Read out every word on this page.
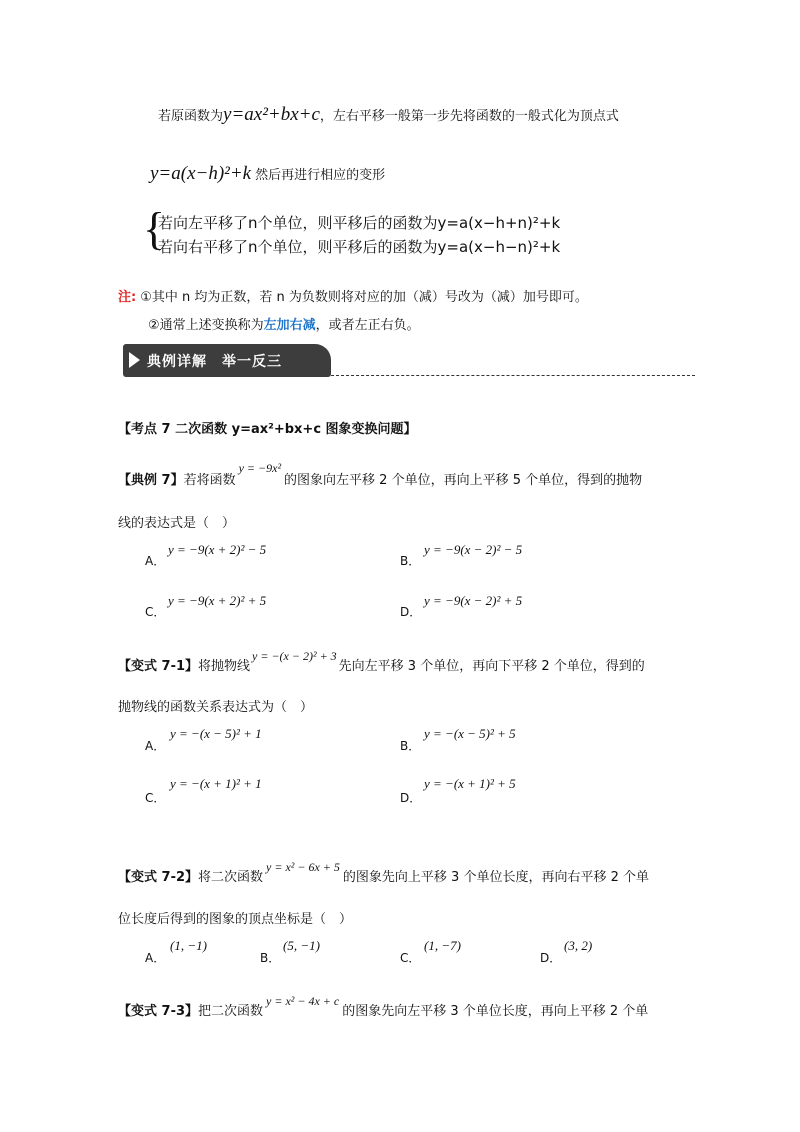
若原函数为y=ax²+bx+c，左右平移一般第一步先将函数的一般式化为顶点式
y=a(x−h)²+k 然后再进行相应的变形
{
若向左平移了n个单位，则平移后的函数为y=a(x−h+n)²+k
若向右平移了n个单位，则平移后的函数为y=a(x−h−n)²+k
注: ①其中 n 均为正数，若 n 为负数则将对应的加（减）号改为（减）加号即可。
②通常上述变换称为左加右减，或者左正右负。
典例详解　举一反三
【考点 7 二次函数 y=ax²+bx+c 图象变换问题】
【典例 7】若将函数y = −9x²的图象向左平移 2 个单位，再向上平移 5 个单位，得到的抛物
线的表达式是（　）
A．
y = −9(x + 2)² − 5
B．
y = −9(x − 2)² − 5
C．
y = −9(x + 2)² + 5
D．
y = −9(x − 2)² + 5
【变式 7-1】将抛物线y = −(x − 2)² + 3先向左平移 3 个单位，再向下平移 2 个单位，得到的
抛物线的函数关系表达式为（　）
A．
y = −(x − 5)² + 1
B．
y = −(x − 5)² + 5
C．
y = −(x + 1)² + 1
D．
y = −(x + 1)² + 5
【变式 7-2】将二次函数y = x² − 6x + 5的图象先向上平移 3 个单位长度，再向右平移 2 个单
位长度后得到的图象的顶点坐标是（　）
A．
(1, −1)
B．
(5, −1)
C．
(1, −7)
D．
(3, 2)
【变式 7-3】把二次函数y = x² − 4x + c的图象先向左平移 3 个单位长度，再向上平移 2 个单
